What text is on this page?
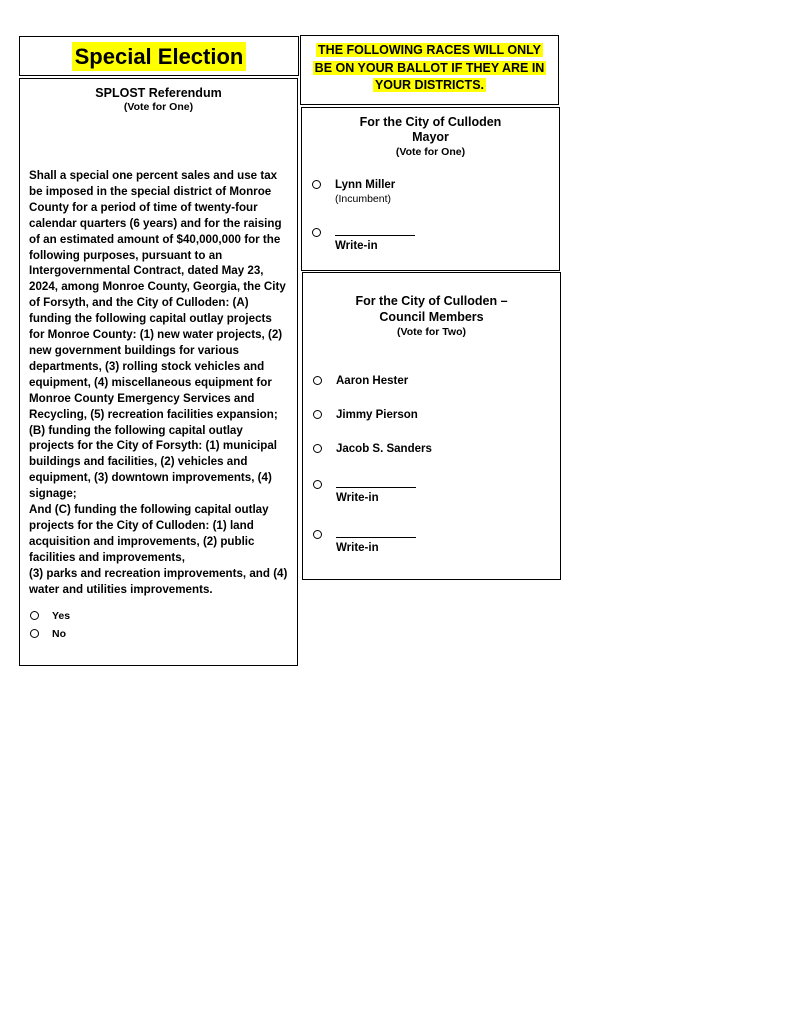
Special Election	THE FOLLOWING RACES WILL ONLY
BE ON YOUR BALLOT IF THEY ARE IN
YOUR DISTRICTS.
SPLOST Referendum
(Vote for One)

Shall a special one percent sales and use tax be imposed in the special district of Monroe County for a period of time of twenty-four calendar quarters (6 years) and for the raising of an estimated amount of $40,000,000 for the following purposes, pursuant to an Intergovernmental Contract, dated May 23, 2024, among Monroe County, Georgia, the City of Forsyth, and the City of Culloden: (A) funding the following capital outlay projects for Monroe County: (1) new water projects, (2) new government buildings for various departments, (3) rolling stock vehicles and equipment, (4) miscellaneous equipment for Monroe County Emergency Services and Recycling, (5) recreation facilities expansion; (B) funding the following capital outlay projects for the City of Forsyth: (1) municipal buildings and facilities, (2) vehicles and equipment, (3) downtown improvements, (4) signage;

And (C) funding the following capital outlay projects for the City of Culloden: (1) land acquisition and improvements, (2) public facilities and improvements,

(3) parks and recreation improvements, and (4) water and utilities improvements.

Yes
No
For the City of Culloden
Mayor
(Vote for One)
Lynn Miller
(Incumbent)
Write-in
For the City of Culloden –
Council Members
(Vote for Two)
Aaron Hester
Jimmy Pierson
Jacob S. Sanders
Write-in
Write-in
